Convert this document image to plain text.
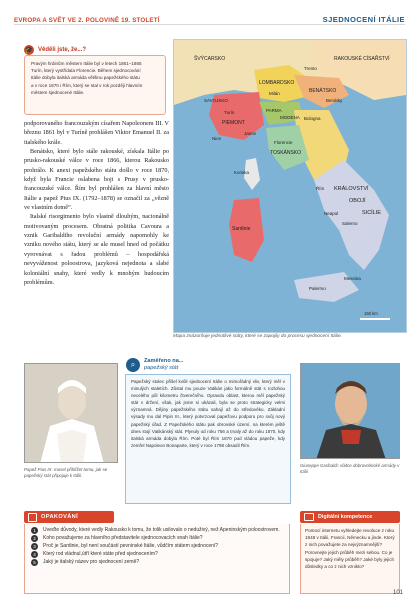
EVROPA A SVĚT VE 2. POLOVINĚ 19. STOLETÍ	SJEDNOCENÍ ITÁLIE
🎓 Věděli jste, že...?
Pravým hrdinům městem Itálie byl v letech 1861–1865
Turín, který vystřídala Florencie. Během sjednocování
Itálie dobyla italská armáda většinu papežského státu
a v roce 1870 i Řím, který se stal v rok později hlavním
městem sjednocené Itálie.

podporovaného francouzským císařem Napoleonem III. V březnu 1861 byl v Turíně prohlášen Viktor Emanuel II. za italského krále.

Benátsko, které bylo stále rakouské, získala Itálie po prusko-rakouské válce v roce 1866, kterou Rakousko prohrálo. K anexi papežského státu došlo v roce 1870, když byla Francie oslabena boji s Prusy v prusko-francouzské válce. Řím byl prohlášen za hlavní město Itálie a papež Pius IX. (1792–1878) se označil za „vězně ve vlastním domě“.

Italské risorgimento bylo vlastně dlouhým, nacionálně motivovaným procesem. Obratná politika Cavoura a vznik Garibaldiho revoluční armády napomohly ke vzniku nového státu, který se ale musel hned od počátku vyrovnávat s řadou problémů – hospodářská nevyváženost poloostrova, jazyková nejednota a slabé koloniální snahy, které vedly k mnohým hudoucím problémům.

RAKOUSKÉ CÍSAŘSTVÍ
ŠVÝCARSKO
LOMBARDSKO
BENÁTSKO
Trento
Milán
Benátky
Turín
PIEMONT
SAVOJSKO
PARMA
MODENA Bologna
Janov
Nice
Florencie
TOSKÁNSKO
Korsika
Řím KRÁLOVSTVÍ
OBOJÍ
SICÍLIE
Neapol
Salerno
Sardinie
Palermo
Messina
150 km
Mapa znázorňuje jednotlivé státy, které se zapojily do procesu sjednocení Itálie.
Papež Pius IX. musel přihlížet tomu, jak se papežský stát připojuje k Itálii.
⌕	Zaměřeno na...
papežský stát
Papežský stolec přišel kvůli sjednocení Itálie o mimořádný vliv, který měl v minulých staletích. Zůstal mu pouze Vatikán jako formálně stát s rozlohou necelého půl kilometru čtverečního. Opravdu oblast, kterou měl papežský stát v držení, však, jak jsme si ukázali, byla se proto strategicky velmi významná. Dějiny papežského státu sahají až do středověku. Základní výsady mu dal Pipin III., který potvrzoval papežovu podporu pro svůj nový papežský úřad. Z Papežského státu pak obrovské území, na kterém ještě dnes stojí Vatikánský stát. Plynuly od roku 756 a trvaly až do roku 1870, kdy italská armáda dobyla Řím. Poté byl Řím 1870 pod vládou papeže, kdy zemřel Napoleon Bonaparte, který v roce 1798 obsadil Řím.
Giuseppe Garibaldi: vůdce dobrovolnické armády v Itálii
OPAKOVÁNÍ
1	Uveďte důvody, které vedly Rakousko k tomu, že tolik usilovalo o neduživý, než Apeninským poloostrovem.
2	Koho považujeme za hlavního představitele sjednocovacích snah Itálie?
3	Proč je Sardinie, byl není součástí pevninské Itálie, vůdčím státem sjednocení?
4	Který rod vládnul,útří které státe před sjednocením?
5	Jaký je italský název pro sjednocení země?
Digitální kompetence
Pomocí internetu vyhledejte revoluce z roku 1848 v Itálii, Francii, Německu a jinde. Který z nich považujete za nejvýznamnější? Porovnejte jejich průběh mezi sebou. Co je spojuje? Jaký měly průběh? Jaké byly jejich důsledky a co z nich vzniklo?
101
